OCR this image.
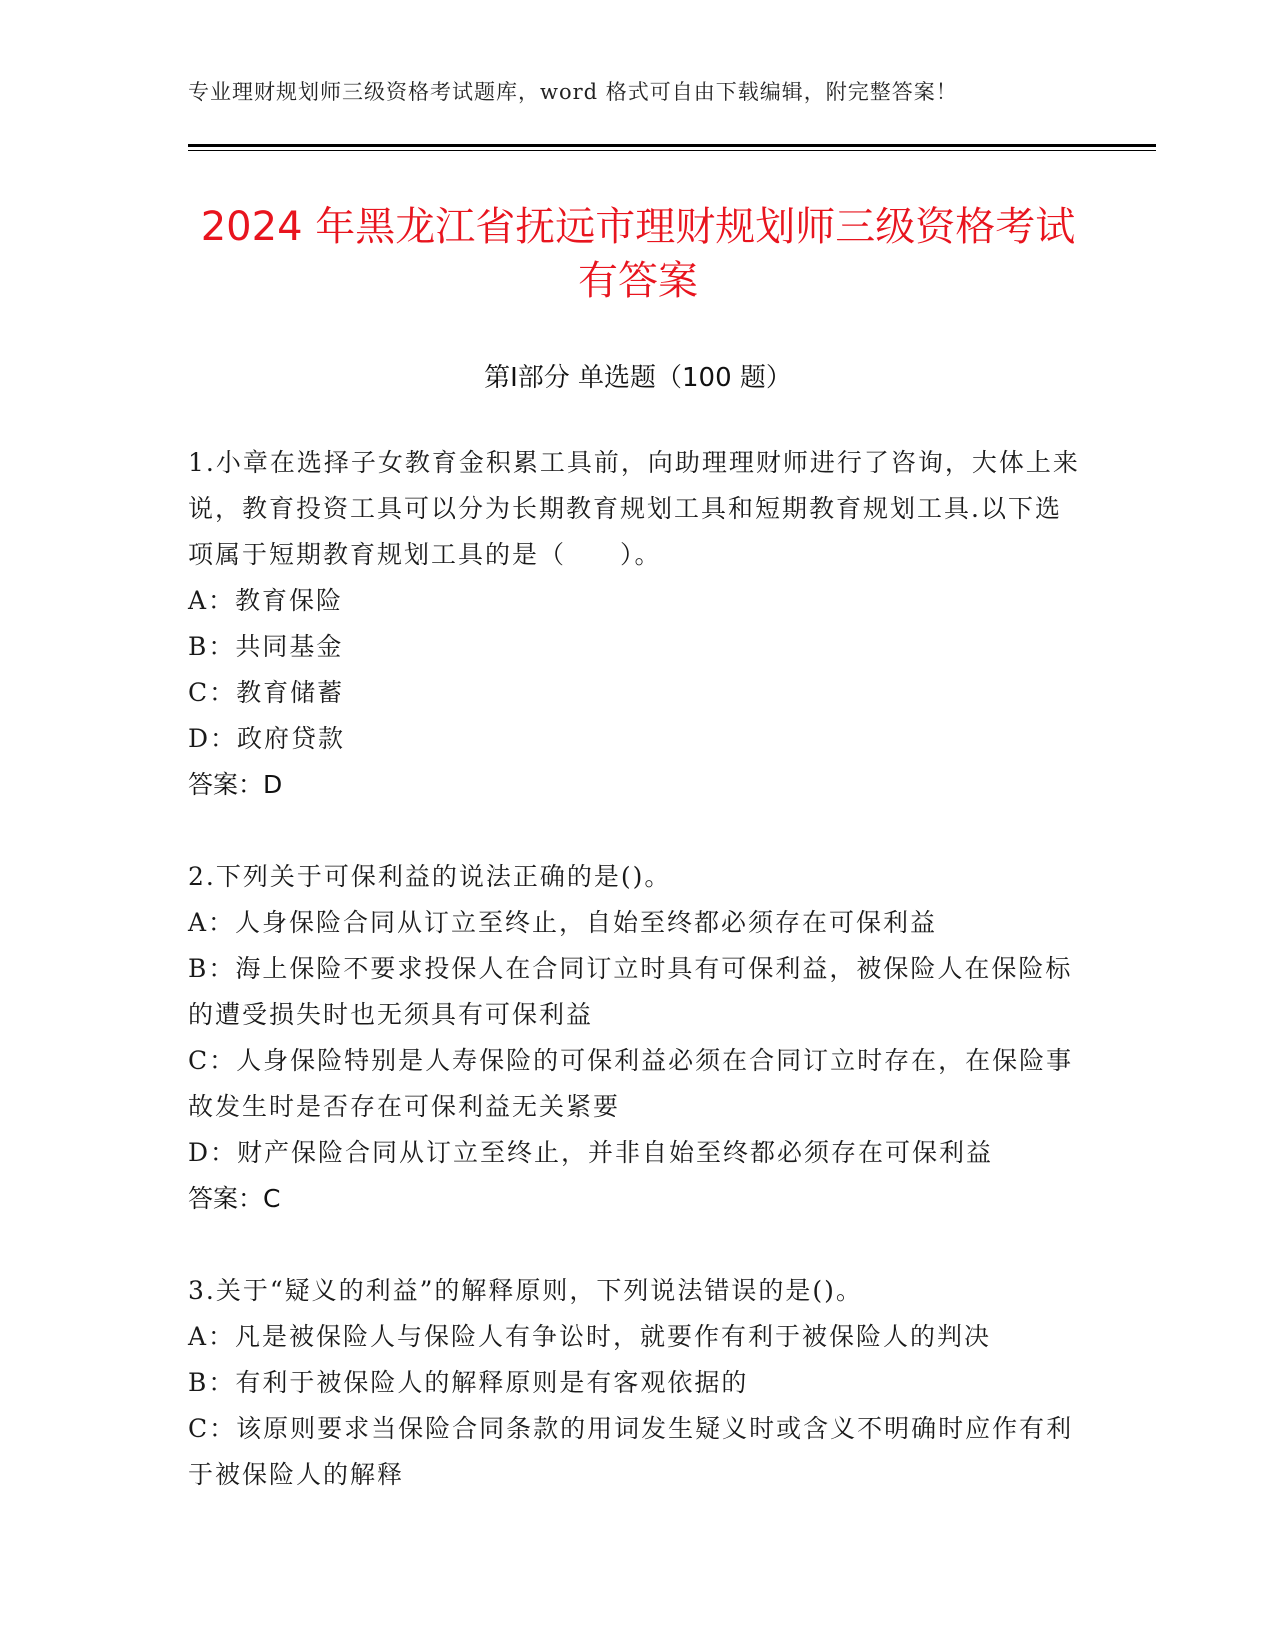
专业理财规划师三级资格考试题库，word 格式可自由下载编辑，附完整答案！
2024 年黑龙江省抚远市理财规划师三级资格考试有答案
第Ⅰ部分 单选题（100 题）
1.小章在选择子女教育金积累工具前，向助理理财师进行了咨询，大体上来说，教育投资工具可以分为长期教育规划工具和短期教育规划工具.以下选项属于短期教育规划工具的是（　　）。
A：教育保险
B：共同基金
C：教育储蓄
D：政府贷款
答案：D
2.下列关于可保利益的说法正确的是()。
A：人身保险合同从订立至终止，自始至终都必须存在可保利益
B：海上保险不要求投保人在合同订立时具有可保利益，被保险人在保险标的遭受损失时也无须具有可保利益
C：人身保险特别是人寿保险的可保利益必须在合同订立时存在，在保险事故发生时是否存在可保利益无关紧要
D：财产保险合同从订立至终止，并非自始至终都必须存在可保利益
答案：C
3.关于“疑义的利益”的解释原则，下列说法错误的是()。
A：凡是被保险人与保险人有争讼时，就要作有利于被保险人的判决
B：有利于被保险人的解释原则是有客观依据的
C：该原则要求当保险合同条款的用词发生疑义时或含义不明确时应作有利于被保险人的解释
